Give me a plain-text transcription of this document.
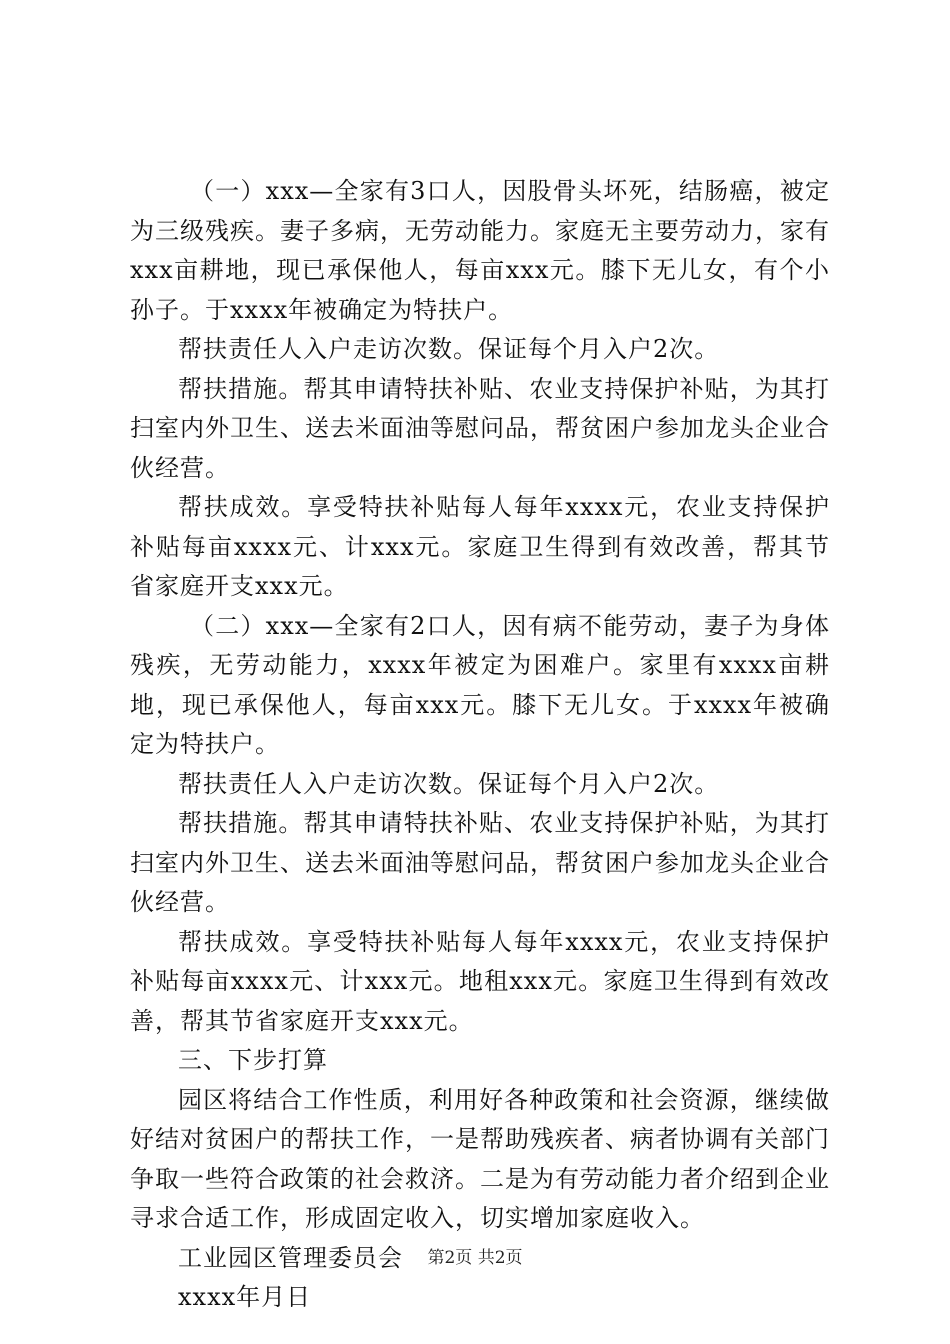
（一）xxx—全家有3口人，因股骨头坏死，结肠癌，被定为三级残疾。妻子多病，无劳动能力。家庭无主要劳动力，家有xxx亩耕地，现已承保他人，每亩xxx元。膝下无儿女，有个小孙子。于xxxx年被确定为特扶户。

帮扶责任人入户走访次数。保证每个月入户2次。

帮扶措施。帮其申请特扶补贴、农业支持保护补贴，为其打扫室内外卫生、送去米面油等慰问品，帮贫困户参加龙头企业合伙经营。

帮扶成效。享受特扶补贴每人每年xxxx元，农业支持保护补贴每亩xxxx元、计xxx元。家庭卫生得到有效改善，帮其节省家庭开支xxx元。

（二）xxx—全家有2口人，因有病不能劳动，妻子为身体残疾，无劳动能力，xxxx年被定为困难户。家里有xxxx亩耕地，现已承保他人，每亩xxx元。膝下无儿女。于xxxx年被确定为特扶户。

帮扶责任人入户走访次数。保证每个月入户2次。

帮扶措施。帮其申请特扶补贴、农业支持保护补贴，为其打扫室内外卫生、送去米面油等慰问品，帮贫困户参加龙头企业合伙经营。

帮扶成效。享受特扶补贴每人每年xxxx元，农业支持保护补贴每亩xxxx元、计xxx元。地租xxx元。家庭卫生得到有效改善，帮其节省家庭开支xxx元。

三、下步打算

园区将结合工作性质，利用好各种政策和社会资源，继续做好结对贫困户的帮扶工作，一是帮助残疾者、病者协调有关部门争取一些符合政策的社会救济。二是为有劳动能力者介绍到企业寻求合适工作，形成固定收入，切实增加家庭收入。

工业园区管理委员会

xxxx年月日

第2页 共2页
